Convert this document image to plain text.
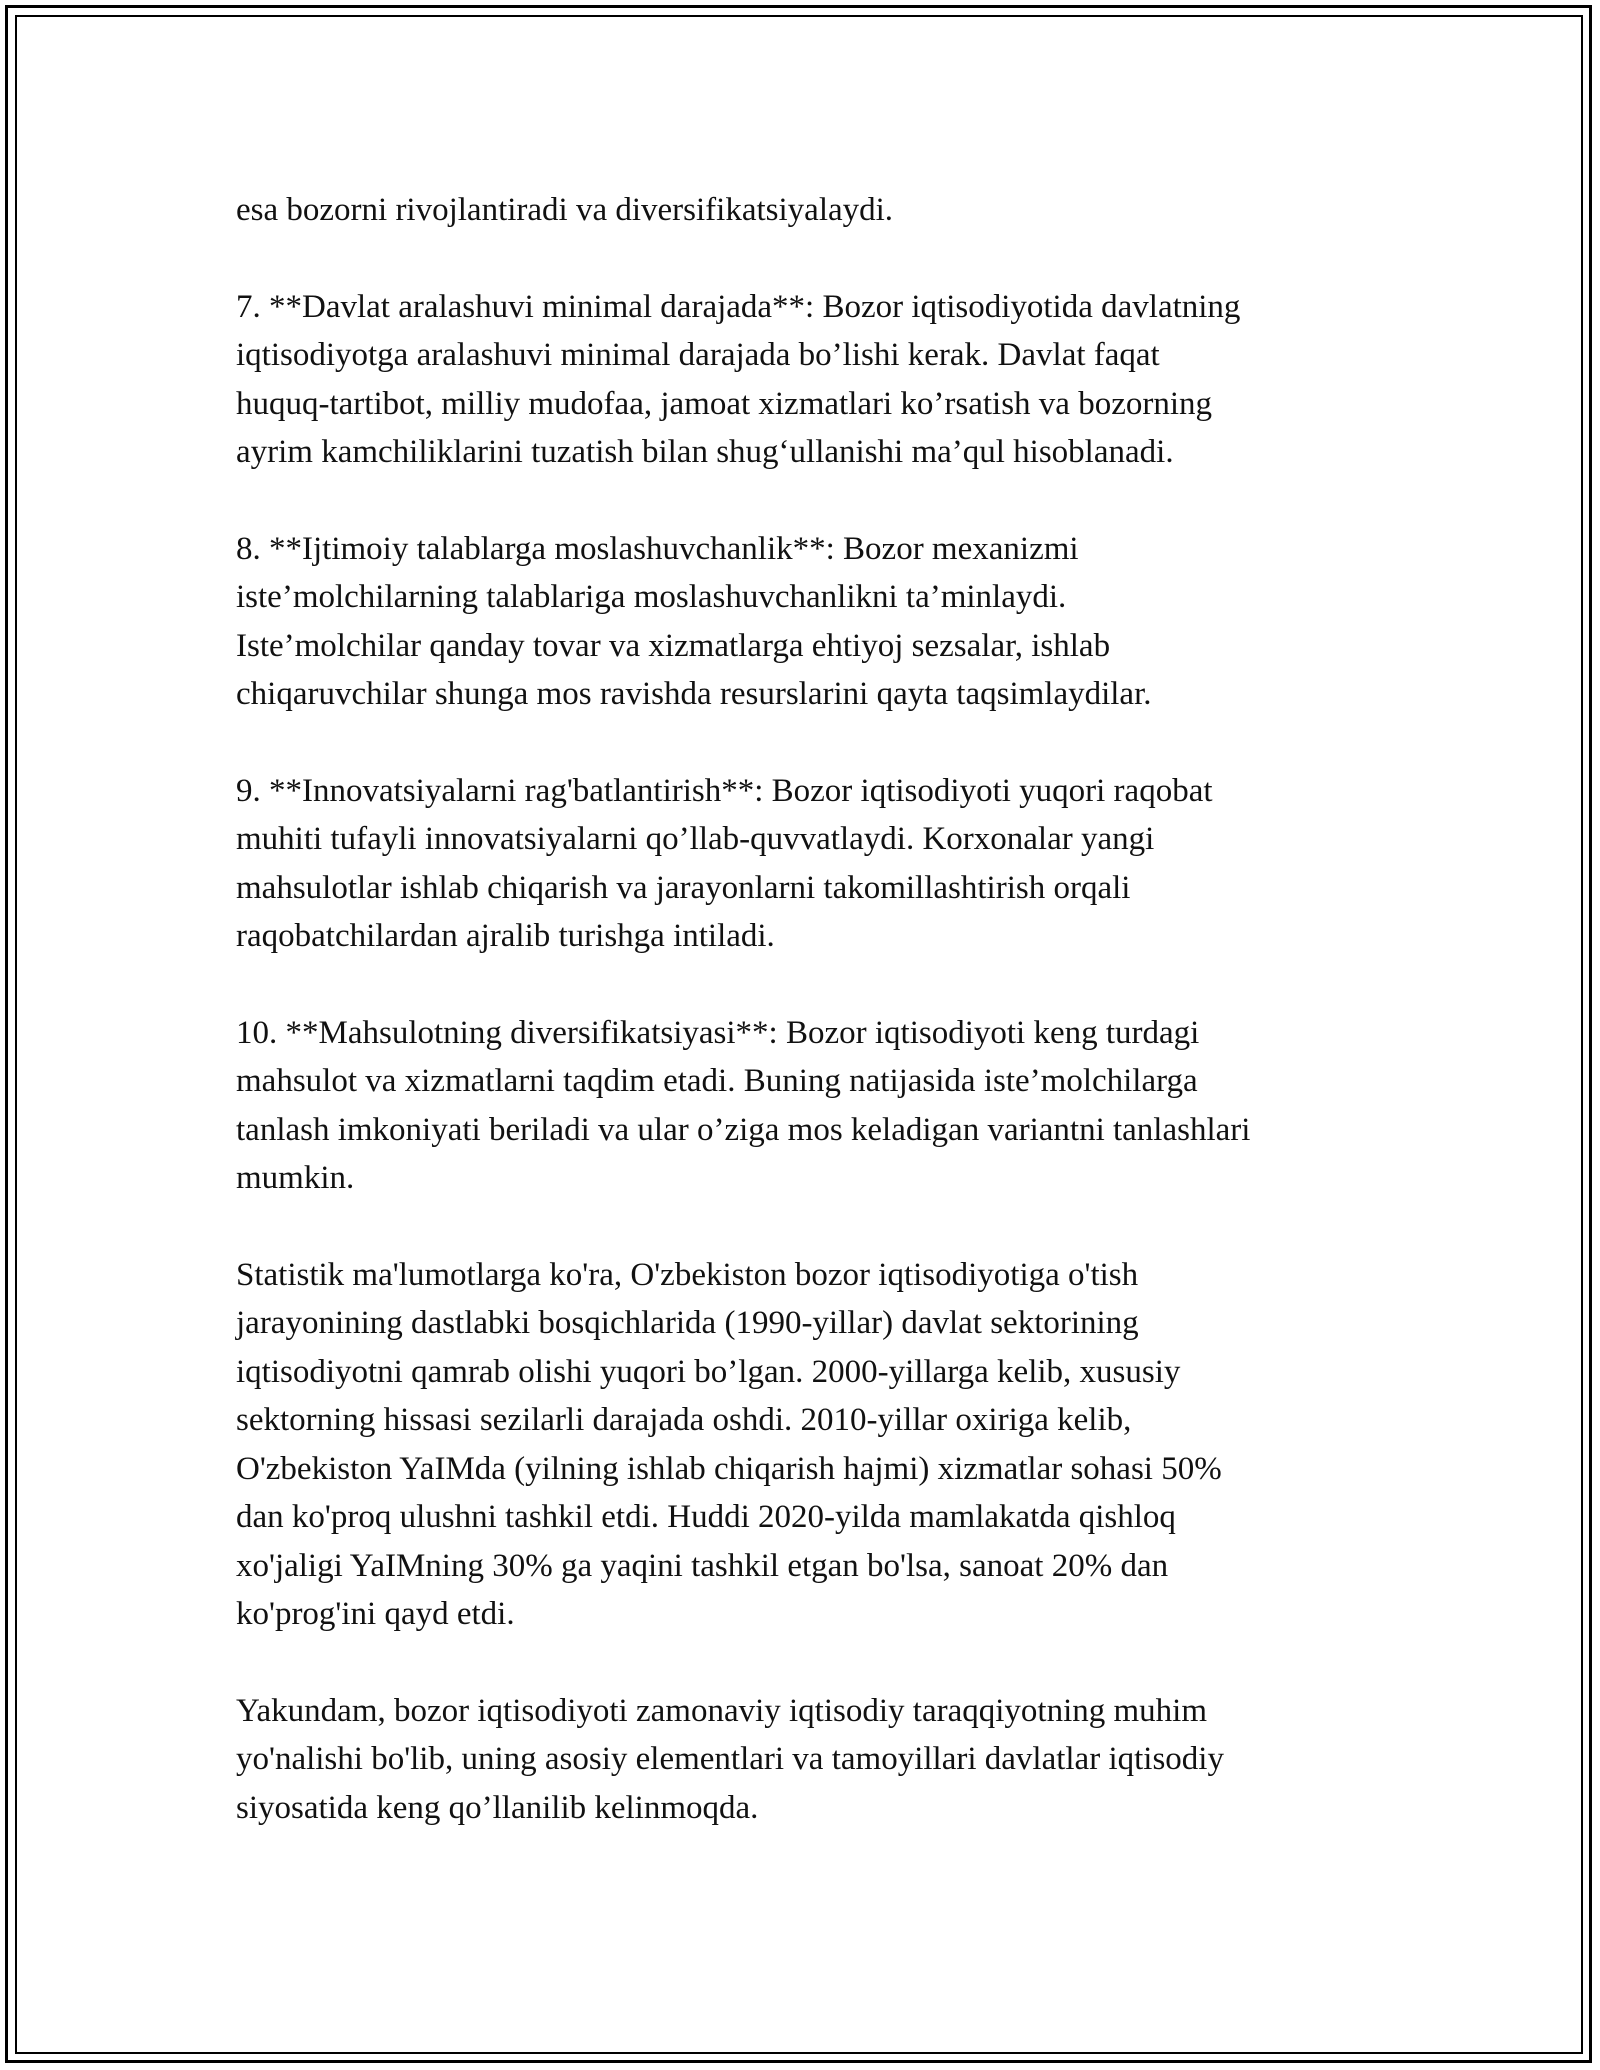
esa bozorni rivojlantiradi va diversifikatsiyalaydi.

7. **Davlat aralashuvi minimal darajada**: Bozor iqtisodiyotida davlatning
iqtisodiyotga aralashuvi minimal darajada bo’lishi kerak. Davlat faqat
huquq-tartibot, milliy mudofaa, jamoat xizmatlari ko’rsatish va bozorning
ayrim kamchiliklarini tuzatish bilan shug‘ullanishi ma’qul hisoblanadi.

8. **Ijtimoiy talablarga moslashuvchanlik**: Bozor mexanizmi
iste’molchilarning talablariga moslashuvchanlikni ta’minlaydi.
Iste’molchilar qanday tovar va xizmatlarga ehtiyoj sezsalar, ishlab
chiqaruvchilar shunga mos ravishda resurslarini qayta taqsimlaydilar.

9. **Innovatsiyalarni rag'batlantirish**: Bozor iqtisodiyoti yuqori raqobat
muhiti tufayli innovatsiyalarni qo’llab-quvvatlaydi. Korxonalar yangi
mahsulotlar ishlab chiqarish va jarayonlarni takomillashtirish orqali
raqobatchilardan ajralib turishga intiladi.

10. **Mahsulotning diversifikatsiyasi**: Bozor iqtisodiyoti keng turdagi
mahsulot va xizmatlarni taqdim etadi. Buning natijasida iste’molchilarga
tanlash imkoniyati beriladi va ular o’ziga mos keladigan variantni tanlashlari
mumkin.

Statistik ma'lumotlarga ko'ra, O'zbekiston bozor iqtisodiyotiga o'tish
jarayonining dastlabki bosqichlarida (1990-yillar) davlat sektorining
iqtisodiyotni qamrab olishi yuqori bo’lgan. 2000-yillarga kelib, xususiy
sektorning hissasi sezilarli darajada oshdi. 2010-yillar oxiriga kelib,
O'zbekiston YaIMda (yilning ishlab chiqarish hajmi) xizmatlar sohasi 50%
dan ko'proq ulushni tashkil etdi. Huddi 2020-yilda mamlakatda qishloq
xo'jaligi YaIMning 30% ga yaqini tashkil etgan bo'lsa, sanoat 20% dan
ko'prog'ini qayd etdi.

Yakundam, bozor iqtisodiyoti zamonaviy iqtisodiy taraqqiyotning muhim
yo'nalishi bo'lib, uning asosiy elementlari va tamoyillari davlatlar iqtisodiy
siyosatida keng qo’llanilib kelinmoqda.
